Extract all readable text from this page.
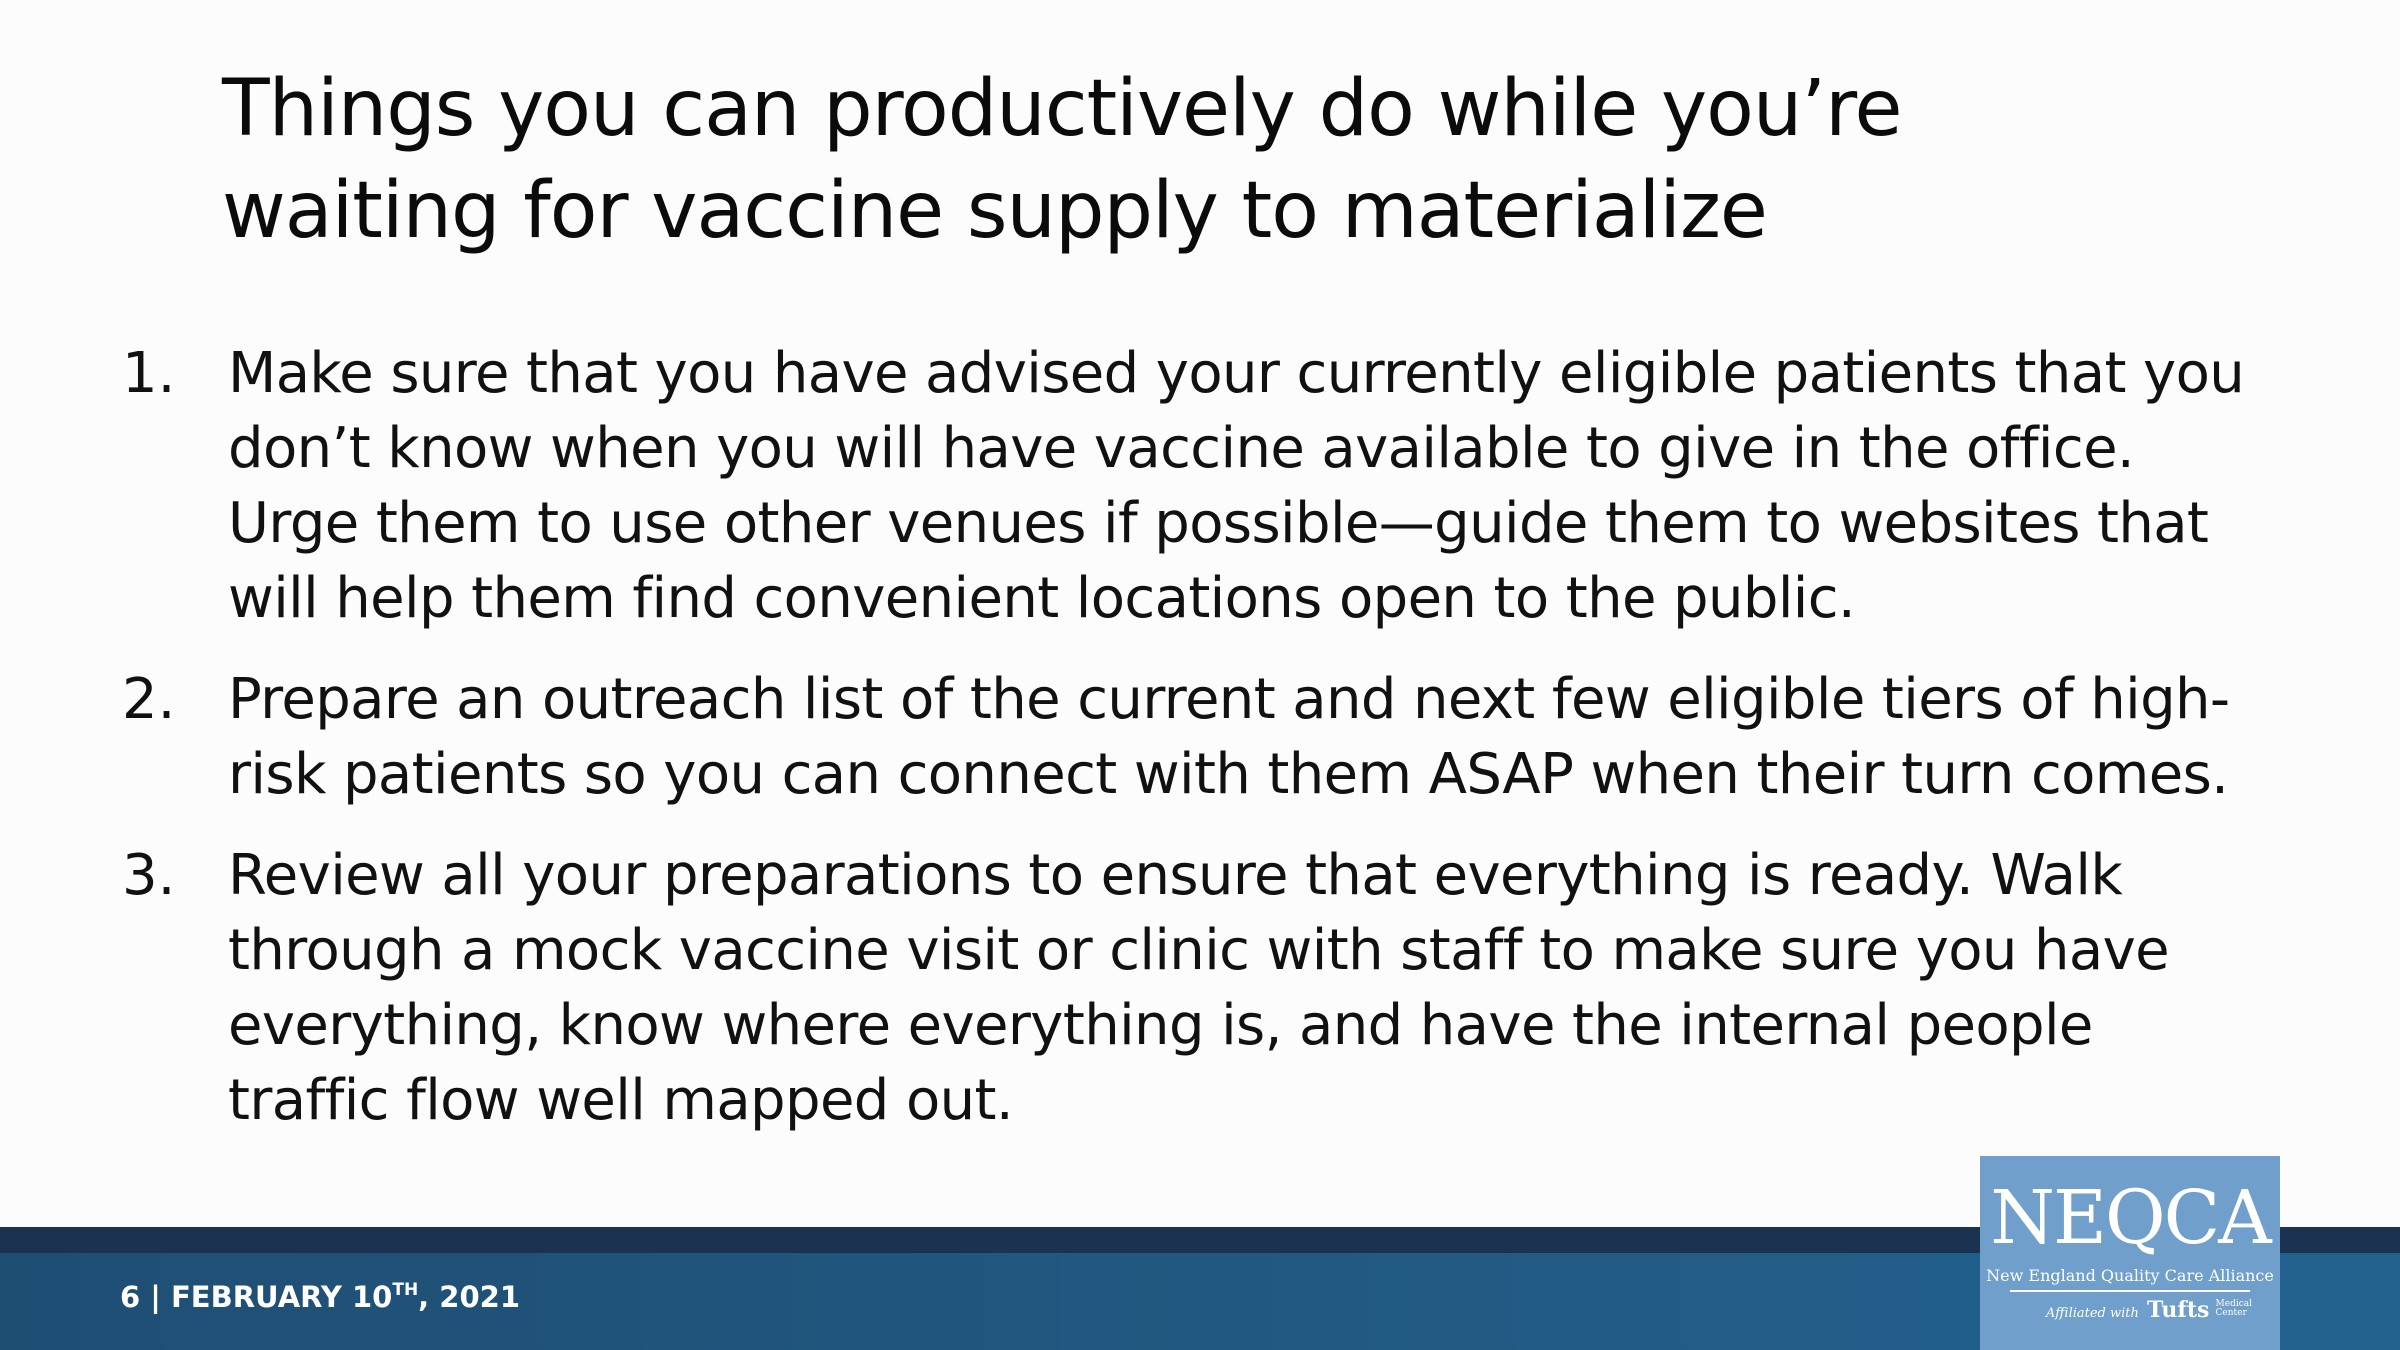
Things you can productively do while you’re
waiting for vaccine supply to materialize
1. Make sure that you have advised your currently eligible patients that you
don’t know when you will have vaccine available to give in the office.
Urge them to use other venues if possible—guide them to websites that
will help them find convenient locations open to the public.
2. Prepare an outreach list of the current and next few eligible tiers of high-
risk patients so you can connect with them ASAP when their turn comes.
3. Review all your preparations to ensure that everything is ready. Walk
through a mock vaccine visit or clinic with staff to make sure you have
everything, know where everything is, and have the internal people
traffic flow well mapped out.
6 | FEBRUARY 10TH, 2021
NEQCA
New England Quality Care Alliance
Affiliated with Tufts Medical
Center
